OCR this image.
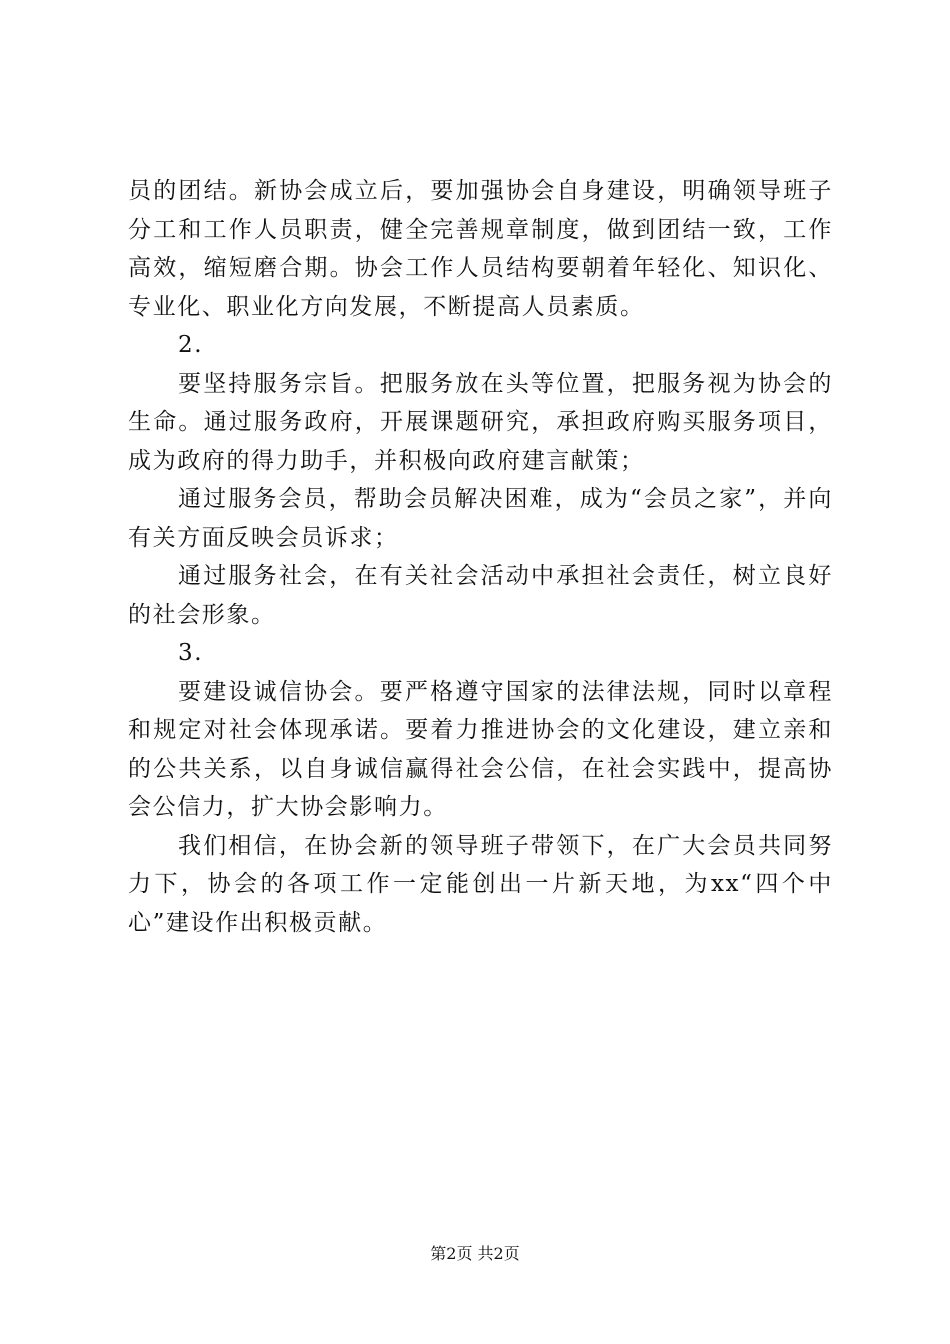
员的团结。新协会成立后，要加强协会自身建设，明确领导班子分工和工作人员职责，健全完善规章制度，做到团结一致，工作高效，缩短磨合期。协会工作人员结构要朝着年轻化、知识化、专业化、职业化方向发展，不断提高人员素质。

2.

要坚持服务宗旨。把服务放在头等位置，把服务视为协会的生命。通过服务政府，开展课题研究，承担政府购买服务项目，成为政府的得力助手，并积极向政府建言献策；

通过服务会员，帮助会员解决困难，成为“会员之家”，并向有关方面反映会员诉求；

通过服务社会，在有关社会活动中承担社会责任，树立良好的社会形象。

3.

要建设诚信协会。要严格遵守国家的法律法规，同时以章程和规定对社会体现承诺。要着力推进协会的文化建设，建立亲和的公共关系，以自身诚信赢得社会公信，在社会实践中，提高协会公信力，扩大协会影响力。

我们相信，在协会新的领导班子带领下，在广大会员共同努力下，协会的各项工作一定能创出一片新天地，为xx“四个中心”建设作出积极贡献。

第2页 共2页
